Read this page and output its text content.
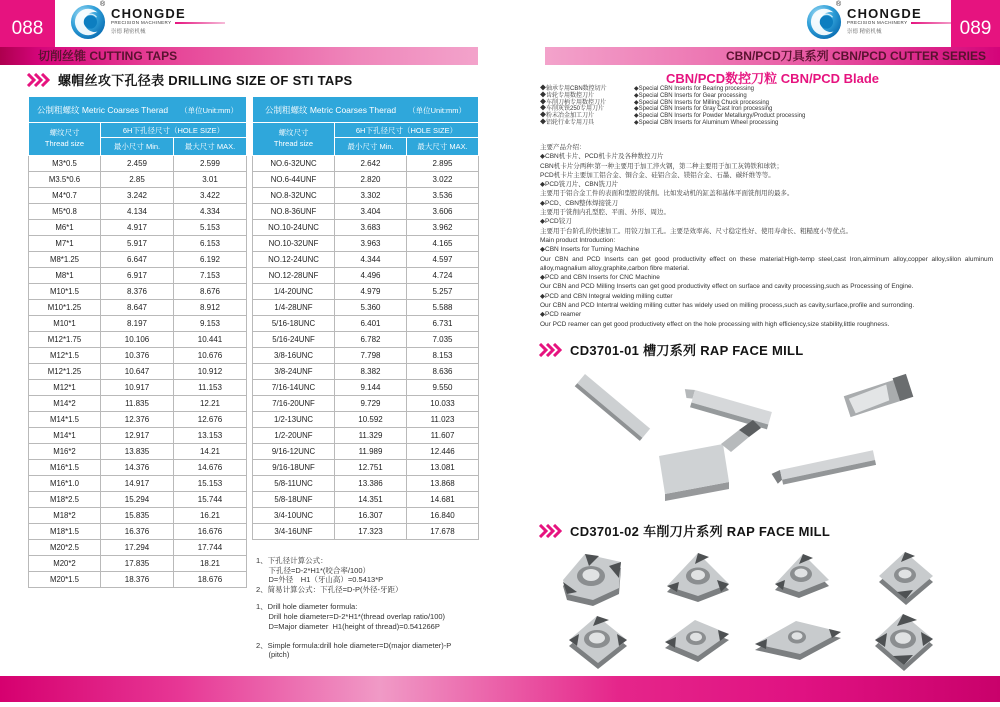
088
®
CHONGDE
PRECISION MACHINERY
崇德 精密机械
切削丝锥 CUTTING TAPS
螺帽丝攻下孔径表 DRILLING SIZE OF STI TAPS
公制粗螺纹 Metric Coarses Therad （单位Unit:mm）		

螺纹尺寸
Thread size	6H下孔径尺寸（HOLE SIZE）	
	最小尺寸 Min.	最大尺寸 MAX.
M3*0.5	2.459	2.599
M3.5*0.6	2.85	3.01
M4*0.7	3.242	3.422
M5*0.8	4.134	4.334
M6*1	4.917	5.153
M7*1	5.917	6.153
M8*1.25	6.647	6.192
M8*1	6.917	7.153
M10*1.5	8.376	8.676
M10*1.25	8.647	8.912
M10*1	8.197	9.153
M12*1.75	10.106	10.441
M12*1.5	10.376	10.676
M12*1.25	10.647	10.912
M12*1	10.917	11.153
M14*2	11.835	12.21
M14*1.5	12.376	12.676
M14*1	12.917	13.153
M16*2	13.835	14.21
M16*1.5	14.376	14.676
M16*1.0	14.917	15.153
M18*2.5	15.294	15.744
M18*2	15.835	16.21
M18*1.5	16.376	16.676
M20*2.5	17.294	17.744
M20*2	17.835	18.21
M20*1.5	18.376	18.676
公制粗螺纹 Metric Coarses Therad （单位Unit:mm）		

螺纹尺寸
Thread size	6H下孔径尺寸（HOLE SIZE）	
	最小尺寸 Min.	最大尺寸 MAX.
NO.6-32UNC	2.642	2.895
NO.6-44UNF	2.820	3.022
NO.8-32UNC	3.302	3.536
NO.8-36UNF	3.404	3.606
NO.10-24UNC	3.683	3.962
NO.10-32UNF	3.963	4.165
NO.12-24UNC	4.344	4.597
NO.12-28UNF	4.496	4.724
1/4-20UNC	4.979	5.257
1/4-28UNF	5.360	5.588
5/16-18UNC	6.401	6.731
5/16-24UNF	6.782	7.035
3/8-16UNC	7.798	8.153
3/8-24UNF	8.382	8.636
7/16-14UNC	9.144	9.550
7/16-20UNF	9.729	10.033
1/2-13UNC	10.592	11.023
1/2-20UNF	11.329	11.607
9/16-12UNC	11.989	12.446
9/16-18UNF	12.751	13.081
5/8-11UNC	13.386	13.868
5/8-18UNF	14.351	14.681
3/4-10UNC	16.307	16.840
3/4-16UNF	17.323	17.678
1、下孔径计算公式：
下孔径=D-2*H1*(咬合率/100）
D=外径　H1（牙山高）=0.5413*P
2、简易计算公式：下孔径=D-P(外径-牙距）
1、Drill hole diameter formula:
Drill hole diameter=D-2*H1*(thread overlap ratio/100)
D=Major diameter  H1(height of thread)=0.541266P

2、Simple formula:drill hole diameter=D(major diameter)-P
(pitch)
®
CHONGDE
PRECISION MACHINERY
崇德 精密机械	089
CBN/PCD刀具系列 CBN/PCD CUTTER SERIES
CBN/PCD数控刀粒 CBN/PCD Blade
◆轴承专用CBN数控切片
◆齿轮专用数控刀片
◆车削刀柄专用数控刀片
◆车削灰铁250专用刀片
◆粉末冶金加工刀片
◆铝轮行业专用刀具
◆Special CBN Inserts for Bearing processing
◆Special CBN Inserts for Gear processing
◆Special CBN Inserts for Milling Chuck processing
◆Special CBN Inserts for Gray Cast Iron processing
◆Special CBN Inserts for Powder Metallurgy/Product processing
◆Special CBN Inserts for Aluminum Wheel processing
主要产品介绍：
◆CBN机卡片、PCD机卡片及各种数控刀片
CBN机卡片分两种:第一种主要用于加工淬火钢，第二种主要用于加工灰铸铁和球铁；
PCD机卡片主要加工铝合金、铜合金、硅铝合金、镁铝合金、石墨、碳纤维等等。
◆PCD铣刀片、CBN铣刀片
主要用于铝合金工件的表面和型腔的铣削。比如发动机的缸盖和基体平面铣削用的最多。
◆PCD、CBN整体焊接铣刀
主要用于铣削内孔型腔、平面、外形、周边。
◆PCD铰刀
主要用于台阶孔的快速加工。用铰刀加工孔。主要是效率高、尺寸稳定性好、使用寿命长、粗糙度小等优点。
Main product Introduction:
◆CBN Inserts for Turning Machine
Our CBN and PCD Inserts can get good productivity effect on these material:High-temp steel,cast Iron,alrminum alloy,copper alloy,slilon aluminum alloy,magnalium alloy,graphite,carbon fibre material.
◆PCD and CBN Inserts for CNC Machine
Our CBN and PCD Milling Inserts can get good productivity effect on surface and cavity processing,such as Processing of Engine.
◆PCD and CBN Integral welding milling cutter
Our CBN and PCD Intertral welding milling cutter has widely used on milling process,such as cavity,surface,profile and surronding.
◆PCD reamer
Our PCD reamer can get good productivety effect on the hole processing with high efficiency,size stability,little roughness.
CD3701-01 槽刀系列 RAP FACE MILL
CD3701-02 车削刀片系列 RAP FACE MILL
